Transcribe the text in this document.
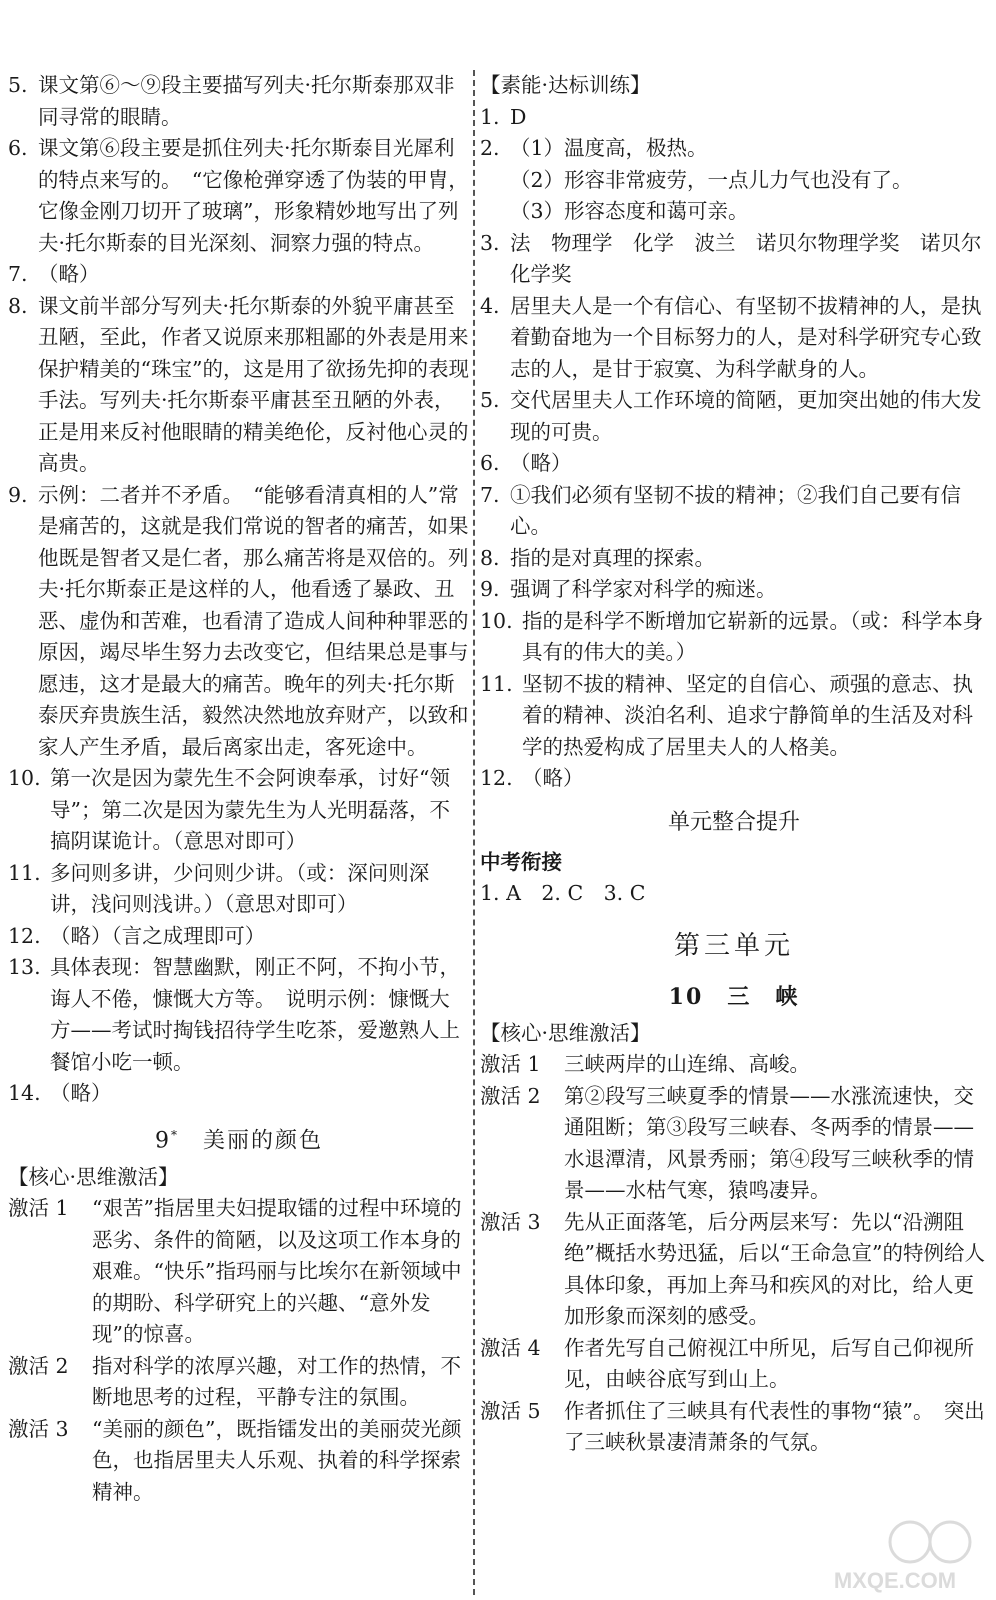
5. 课文第⑥～⑨段主要描写列夫·托尔斯泰那双非同寻常的眼睛。
6. 课文第⑥段主要是抓住列夫·托尔斯泰目光犀利的特点来写的。　“它像枪弹穿透了伪装的甲胄，它像金刚刀切开了玻璃”，形象精妙地写出了列夫·托尔斯泰的目光深刻、洞察力强的特点。
7. （略）
8. 课文前半部分写列夫·托尔斯泰的外貌平庸甚至丑陋，至此，作者又说原来那粗鄙的外表是用来保护精美的“珠宝”的，这是用了欲扬先抑的表现手法。写列夫·托尔斯泰平庸甚至丑陋的外表，正是用来反衬他眼睛的精美绝伦，反衬他心灵的高贵。
9. 示例：二者并不矛盾。　“能够看清真相的人”常是痛苦的，这就是我们常说的智者的痛苦，如果他既是智者又是仁者，那么痛苦将是双倍的。列夫·托尔斯泰正是这样的人，他看透了暴政、丑恶、虚伪和苦难，也看清了造成人间种种罪恶的原因，竭尽毕生努力去改变它，但结果总是事与愿违，这才是最大的痛苦。晚年的列夫·托尔斯泰厌弃贵族生活，毅然决然地放弃财产，以致和家人产生矛盾，最后离家出走，客死途中。
10. 第一次是因为蒙先生不会阿谀奉承，讨好“领导”；第二次是因为蒙先生为人光明磊落，不搞阴谋诡计。（意思对即可）
11. 多问则多讲，少问则少讲。（或：深问则深讲，浅问则浅讲。）（意思对即可）
12. （略）（言之成理即可）
13. 具体表现：智慧幽默，刚正不阿，不拘小节，诲人不倦，慷慨大方等。　说明示例：慷慨大方——考试时掏钱招待学生吃茶，爱邀熟人上餐馆小吃一顿。
14. （略）
9*　 美丽的颜色
【核心·思维激活】
激活 1	“艰苦”指居里夫妇提取镭的过程中环境的恶劣、条件的简陋，以及这项工作本身的艰难。“快乐”指玛丽与比埃尔在新领域中的期盼、科学研究上的兴趣、“意外发现”的惊喜。
激活 2	指对科学的浓厚兴趣，对工作的热情，不断地思考的过程，平静专注的氛围。
激活 3	“美丽的颜色”，既指镭发出的美丽荧光颜色，也指居里夫人乐观、执着的科学探索精神。
【素能·达标训练】
1. D
2. （1）温度高，极热。
（2）形容非常疲劳，一点儿力气也没有了。
（3）形容态度和蔼可亲。
3. 法　物理学　化学　波兰　诺贝尔物理学奖　诺贝尔化学奖
4. 居里夫人是一个有信心、有坚韧不拔精神的人，是执着勤奋地为一个目标努力的人，是对科学研究专心致志的人，是甘于寂寞、为科学献身的人。
5. 交代居里夫人工作环境的简陋，更加突出她的伟大发现的可贵。
6. （略）
7. ①我们必须有坚韧不拔的精神；②我们自己要有信心。
8. 指的是对真理的探索。
9. 强调了科学家对科学的痴迷。
10. 指的是科学不断增加它崭新的远景。（或：科学本身具有的伟大的美。）
11. 坚韧不拔的精神、坚定的自信心、顽强的意志、执着的精神、淡泊名利、追求宁静简单的生活及对科学的热爱构成了居里夫人的人格美。
12. （略）
单元整合提升
中考衔接
1. A　2. C　3. C
第三单元
10　 三　峡
【核心·思维激活】
激活 1	三峡两岸的山连绵、高峻。
激活 2	第②段写三峡夏季的情景——水涨流速快，交通阻断；第③段写三峡春、冬两季的情景——水退潭清，风景秀丽；第④段写三峡秋季的情景——水枯气寒，猿鸣凄异。
激活 3	先从正面落笔，后分两层来写：先以“沿溯阻绝”概括水势迅猛，后以“王命急宣”的特例给人具体印象，再加上奔马和疾风的对比，给人更加形象而深刻的感受。
激活 4	作者先写自己俯视江中所见，后写自己仰视所见，由峡谷底写到山上。
激活 5	作者抓住了三峡具有代表性的事物“猿”。　突出了三峡秋景凄清萧条的气氛。
MXQE.COM
